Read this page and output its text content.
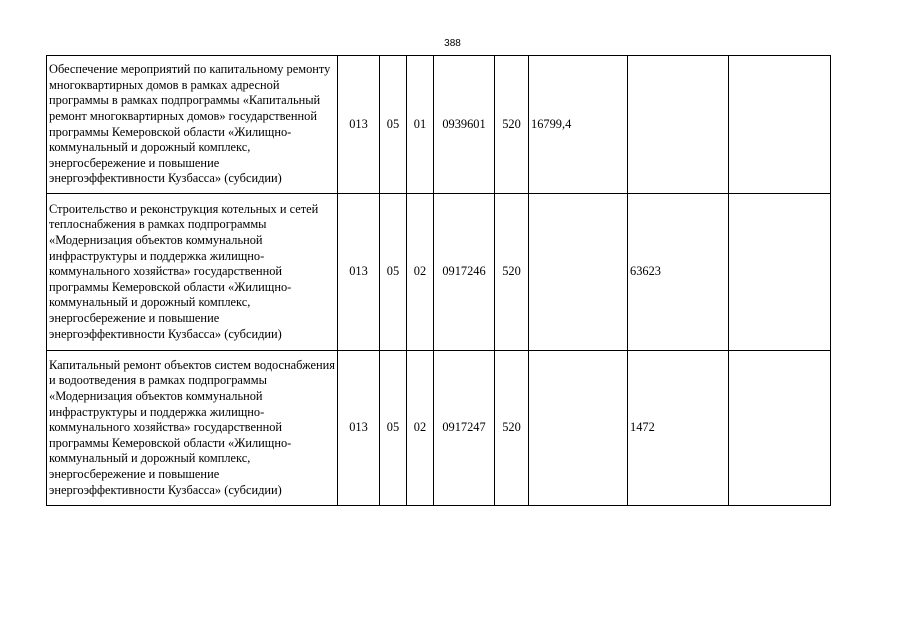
388
Обеспечение мероприятий по капитальному ремонту многоквартирных домов в рамках адресной программы в рамках подпрограммы «Капитальный ремонт многоквартирных домов» государственной программы Кемеровской области «Жилищно-коммунальный и дорожный комплекс, энергосбережение и повышение энергоэффективности Кузбасса» (субсидии)	013	05	01	0939601	520	16799,4		
Строительство и реконструкция котельных и сетей теплоснабжения в рамках подпрограммы «Модернизация объектов коммунальной инфраструктуры и поддержка жилищно-коммунального хозяйства» государственной программы Кемеровской области «Жилищно-коммунальный и дорожный комплекс, энергосбережение и повышение энергоэффективности Кузбасса» (субсидии)	013	05	02	0917246	520		63623	
Капитальный ремонт объектов систем водоснабжения и водоотведения в рамках подпрограммы «Модернизация объектов коммунальной инфраструктуры и поддержка жилищно-коммунального хозяйства» государственной программы Кемеровской области «Жилищно-коммунальный и дорожный комплекс, энергосбережение и повышение энергоэффективности Кузбасса» (субсидии)	013	05	02	0917247	520		1472	
